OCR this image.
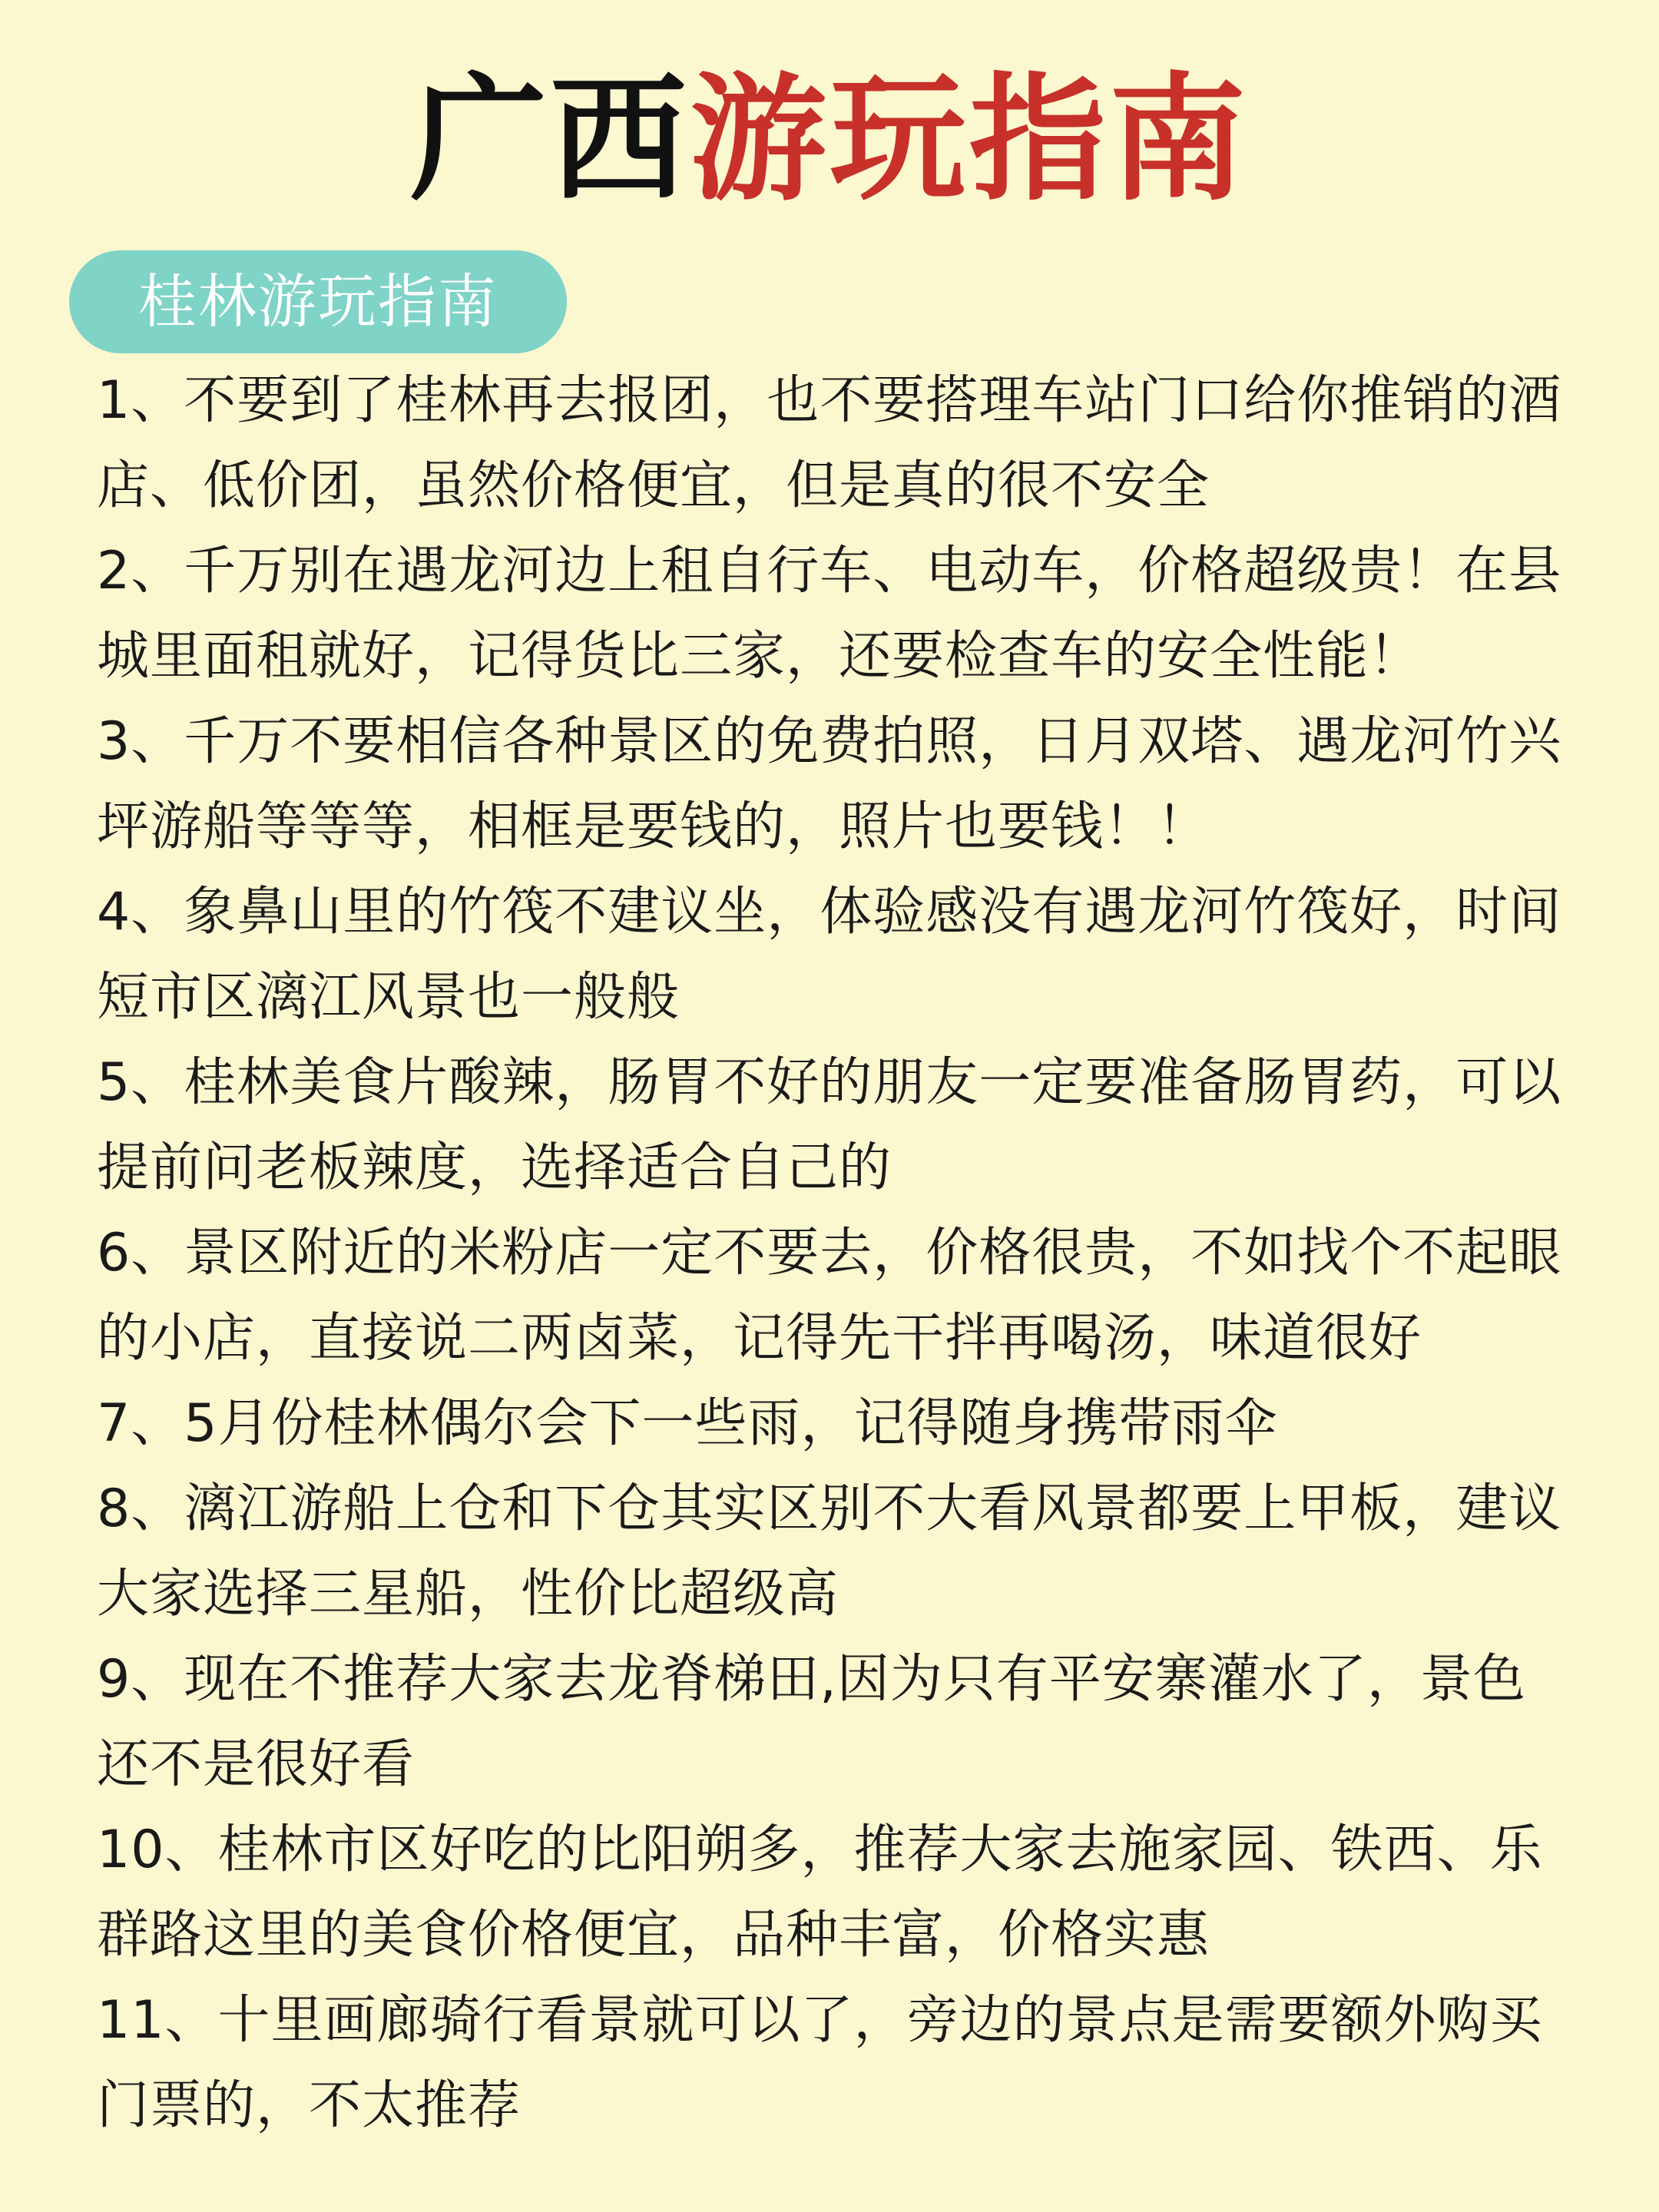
广西游玩指南
桂林游玩指南
1、不要到了桂林再去报团，也不要搭理车站门口给你推销的酒店、低价团，虽然价格便宜，但是真的很不安全
2、千万别在遇龙河边上租自行车、电动车，价格超级贵！在县城里面租就好，记得货比三家，还要检查车的安全性能！
3、千万不要相信各种景区的免费拍照，日月双塔、遇龙河竹兴坪游船等等等，相框是要钱的，照片也要钱！！
4、象鼻山里的竹筏不建议坐，体验感没有遇龙河竹筏好，时间短市区漓江风景也一般般
5、桂林美食片酸辣，肠胃不好的朋友一定要准备肠胃药，可以提前问老板辣度，选择适合自己的
6、景区附近的米粉店一定不要去，价格很贵，不如找个不起眼的小店，直接说二两卤菜，记得先干拌再喝汤，味道很好
7、5月份桂林偶尔会下一些雨，记得随身携带雨伞
8、漓江游船上仓和下仓其实区别不大看风景都要上甲板，建议大家选择三星船，性价比超级高
9、现在不推荐大家去龙脊梯田,因为只有平安寨灌水了，景色还不是很好看
10、桂林市区好吃的比阳朔多，推荐大家去施家园、铁西、乐群路这里的美食价格便宜，品种丰富，价格实惠
11、十里画廊骑行看景就可以了，旁边的景点是需要额外购买门票的，不太推荐
